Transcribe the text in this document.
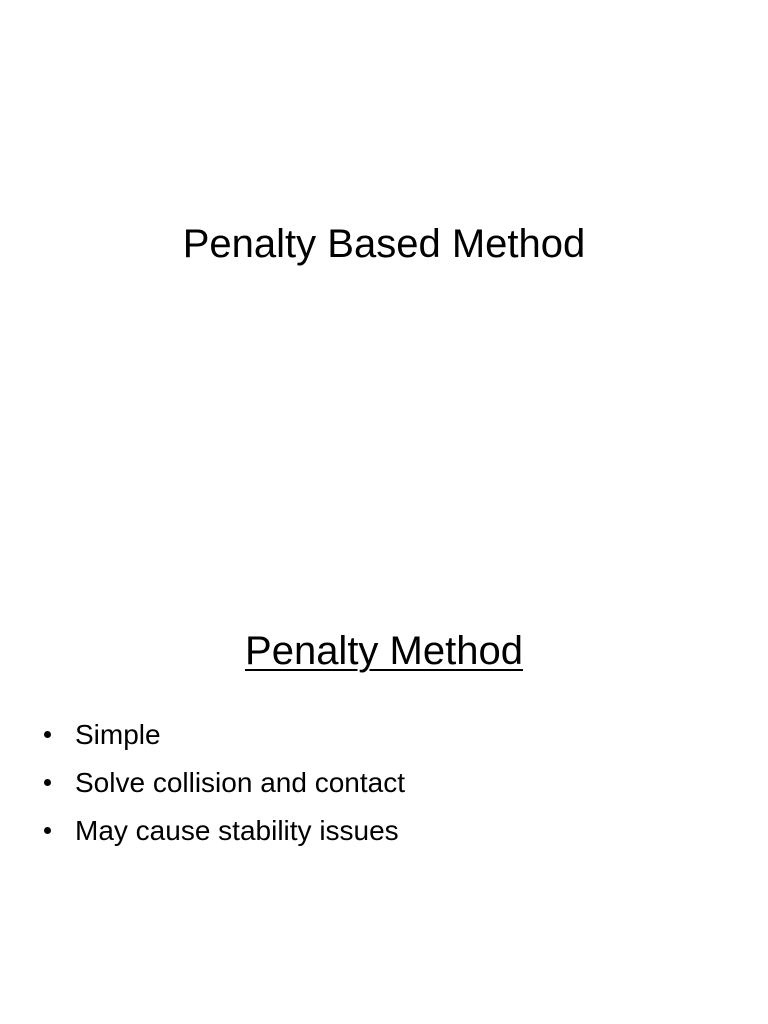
Penalty Based Method
Penalty Method
Simple
Solve collision and contact
May cause stability issues
